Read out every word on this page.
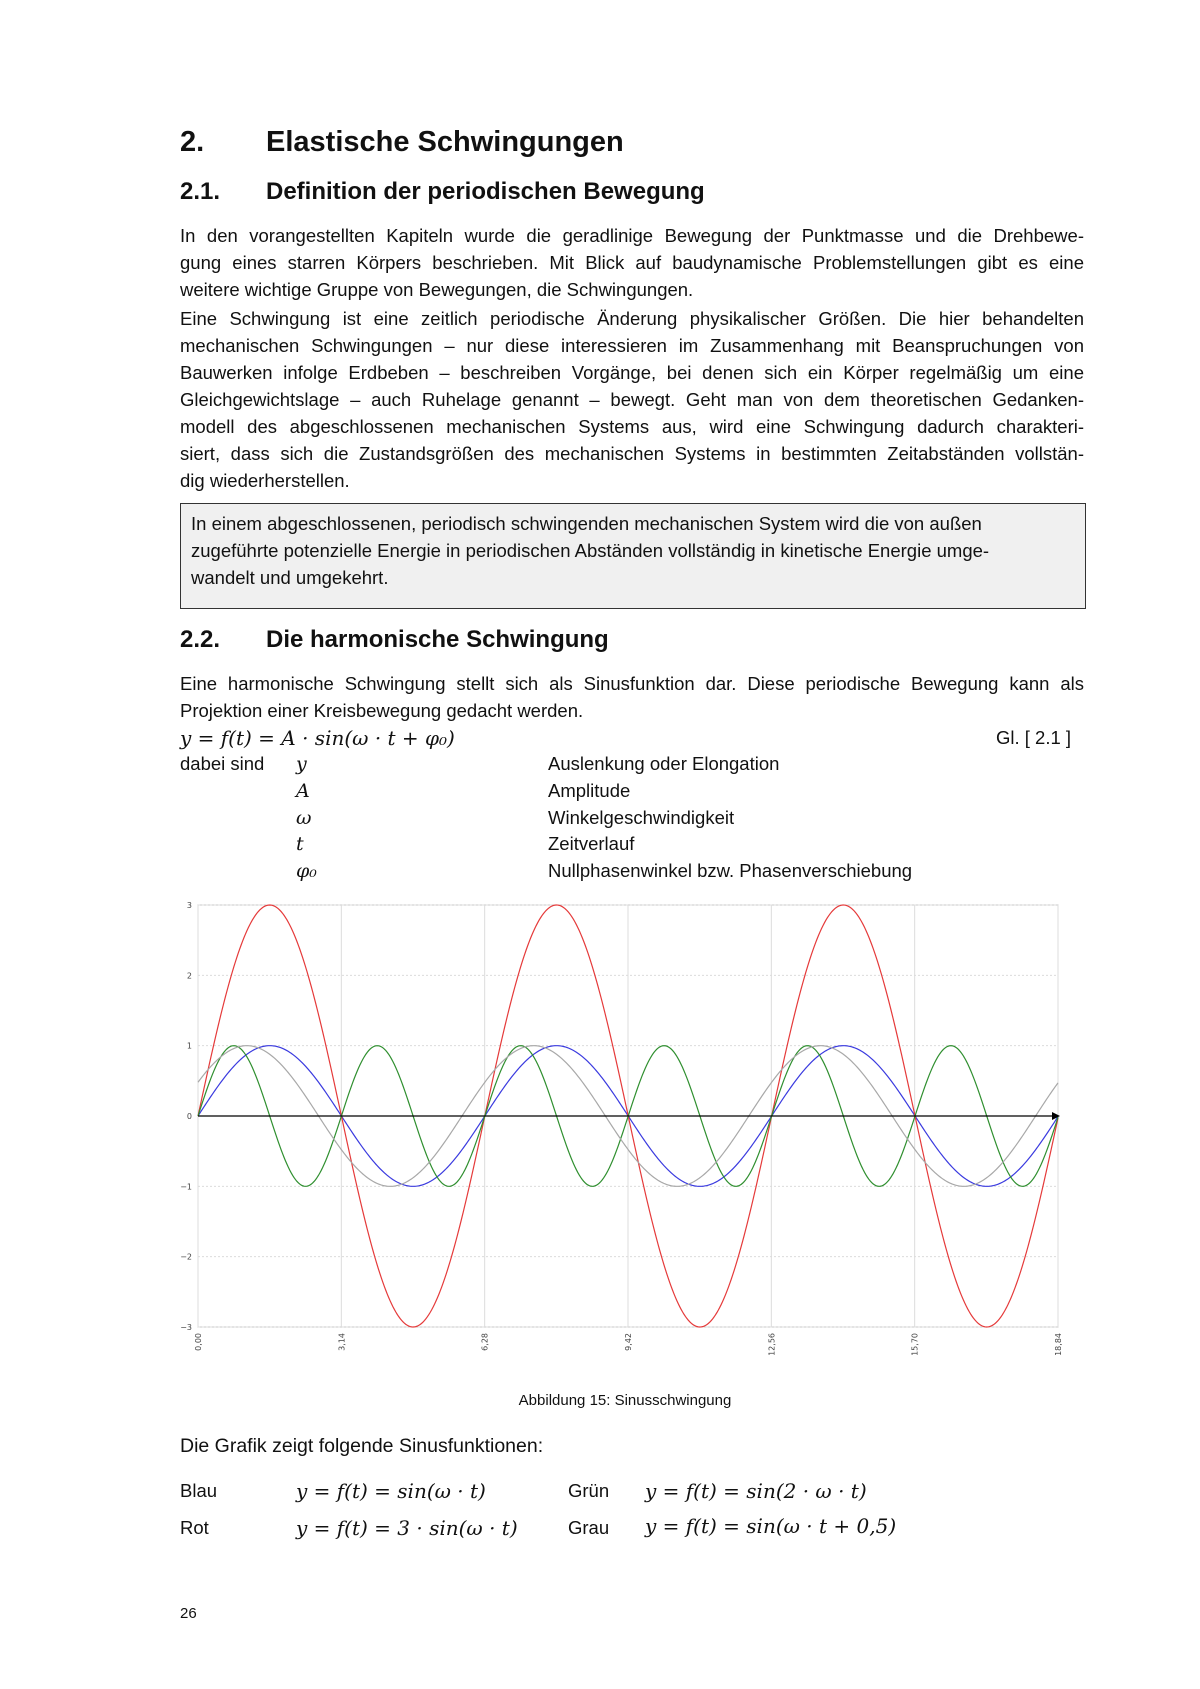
2. Elastische Schwingungen
2.1. Definition der periodischen Bewegung
In den vorangestellten Kapiteln wurde die geradlinige Bewegung der Punktmasse und die Drehbewe-
gung eines starren Körpers beschrieben. Mit Blick auf baudynamische Problemstellungen gibt es eine
weitere wichtige Gruppe von Bewegungen, die Schwingungen.
Eine Schwingung ist eine zeitlich periodische Änderung physikalischer Größen. Die hier behandelten
mechanischen Schwingungen – nur diese interessieren im Zusammenhang mit Beanspruchungen von
Bauwerken infolge Erdbeben – beschreiben Vorgänge, bei denen sich ein Körper regelmäßig um eine
Gleichgewichtslage – auch Ruhelage genannt – bewegt. Geht man von dem theoretischen Gedanken-
modell des abgeschlossenen mechanischen Systems aus, wird eine Schwingung dadurch charakteri-
siert, dass sich die Zustandsgrößen des mechanischen Systems in bestimmten Zeitabständen vollstän-
dig wiederherstellen.
In einem abgeschlossenen, periodisch schwingenden mechanischen System wird die von außen
zugeführte potenzielle Energie in periodischen Abständen vollständig in kinetische Energie umge-
wandelt und umgekehrt.
2.2. Die harmonische Schwingung
Eine harmonische Schwingung stellt sich als Sinusfunktion dar. Diese periodische Bewegung kann als
Projektion einer Kreisbewegung gedacht werden.
y = f(t) = A · sin(ω · t + φ₀)	Gl. [ 2.1 ]
dabei sind y	Auslenkung oder Elongation
A	Amplitude
ω	Winkelgeschwindigkeit
t	Zeitverlauf
φ₀	Nullphasenwinkel bzw. Phasenverschiebung
0,00	3,14	6,28	9,42	12,56	15,70	18,84
3
2
1
0
−1
−2
−3
Abbildung 15: Sinusschwingung
Die Grafik zeigt folgende Sinusfunktionen:
Blau	y = f(t) = sin(ω · t)	Grün y = f(t) = sin(2 · ω · t)
Rot	y = f(t) = 3 · sin(ω · t)	Grau y = f(t) = sin(ω · t + 0,5)
26
